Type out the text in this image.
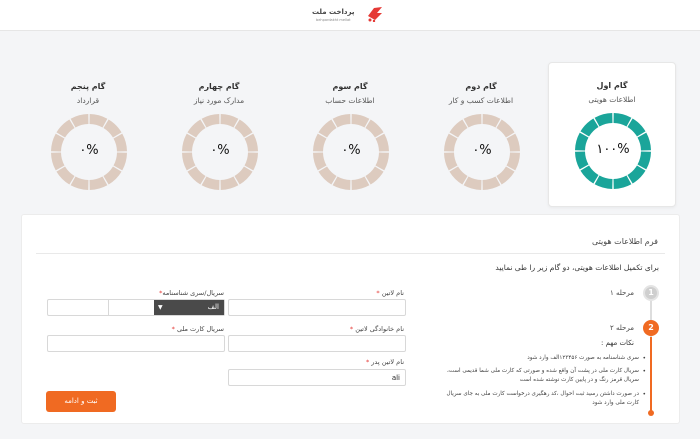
پرداخت ملت
behpardakht mellat
گام اول
اطلاعات هویتی
۱۰۰%
گام دوم
اطلاعات کسب و کار
۰%
گام سوم
اطلاعات حساب
۰%
گام چهارم
مدارک مورد نیاز
۰%
گام پنجم
قرارداد
۰%
فرم اطلاعات هویتی
برای تکمیل اطلاعات هویتی، دو گام زیر را طی نمایید
1
مرحله ۱
2
مرحله ۲
نکات مهم :
• سری شناسنامه به صورت ۱۲۳۴۵۶الف وارد شود
• سریال کارت ملی در پشت آن واقع شده و صورتی که کارت ملی شما قدیمی است، سریال قرمز رنگ و در پایین کارت نوشته شده است
• در صورت داشتن رسید ثبت احوال ،کد رهگیری درخواست کارت ملی به جای سریال کارت ملی وارد شود
نام لاتین *
سریال/سری شناسنامه*
الف
▼
نام خانوادگی لاتین *
سریال کارت ملی *
نام لاتین پدر *
ali
ثبت و ادامه
